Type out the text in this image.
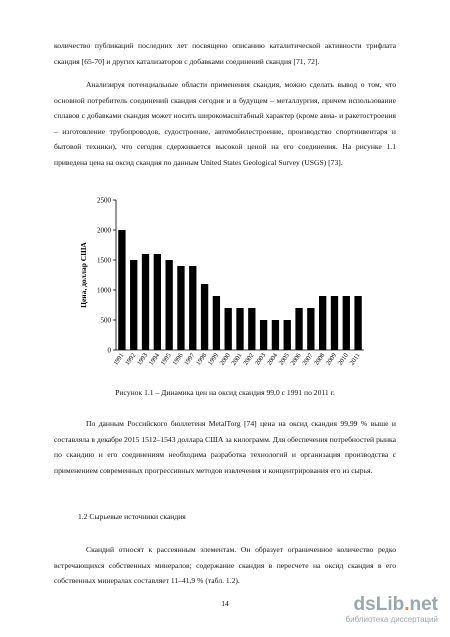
количество публикаций последних лет посвящено описанию каталитической активности трифлата скандия [65-70] и других катализаторов с добавками соединений скандия [71, 72].

Анализируя потенциальные области применения скандия, можно сделать вывод о том, что основной потребитель соединений скандия сегодня и в будущем – металлургия, причем использование сплавов с добавками скандия может носить широкомасштабный характер (кроме авиа- и ракетостроения – изготовление трубопроводов, судостроение, автомобилестроение, производство спортинвентаря и бытовой техники), что сегодня сдерживается высокой ценой на его соединения. На рисунке 1.1 приведена цена на оксид скандия по данным United States Geological Survey (USGS) [73].

0
500
1000
1500
2000
2500
Цена, доллар США
1991
1992
1993
1994
1995
1996
1997
1998
1999
2000
2001
2002
2003
2004
2005
2006
2007
2008
2009
2010
2011
Рисунок 1.1 – Динамика цен на оксид скандия 99,0 с 1991 по 2011 г.

По данным Российского бюллетеня MetalTorg [74] цена на оксид скандия 99,99 % выше и составляла в декабре 2015 1512–1543 доллара США за килограмм. Для обеспечения потребностей рынка по скандию и его соединениям необходима разработка технологий и организация производства с применением современных прогрессивных методов извлечения и концентрирования его из сырья.

1.2 Сырьевые источники скандия

Скандий относят к рассеянным элементам. Он образует ограниченное количество редко встречающихся собственных минералов; содержание скандия в пересчете на оксид скандия в его собственных минералах составляет 11–41,9 % (табл. 1.2).

14	dsLib.net
библиотека диссертаций
